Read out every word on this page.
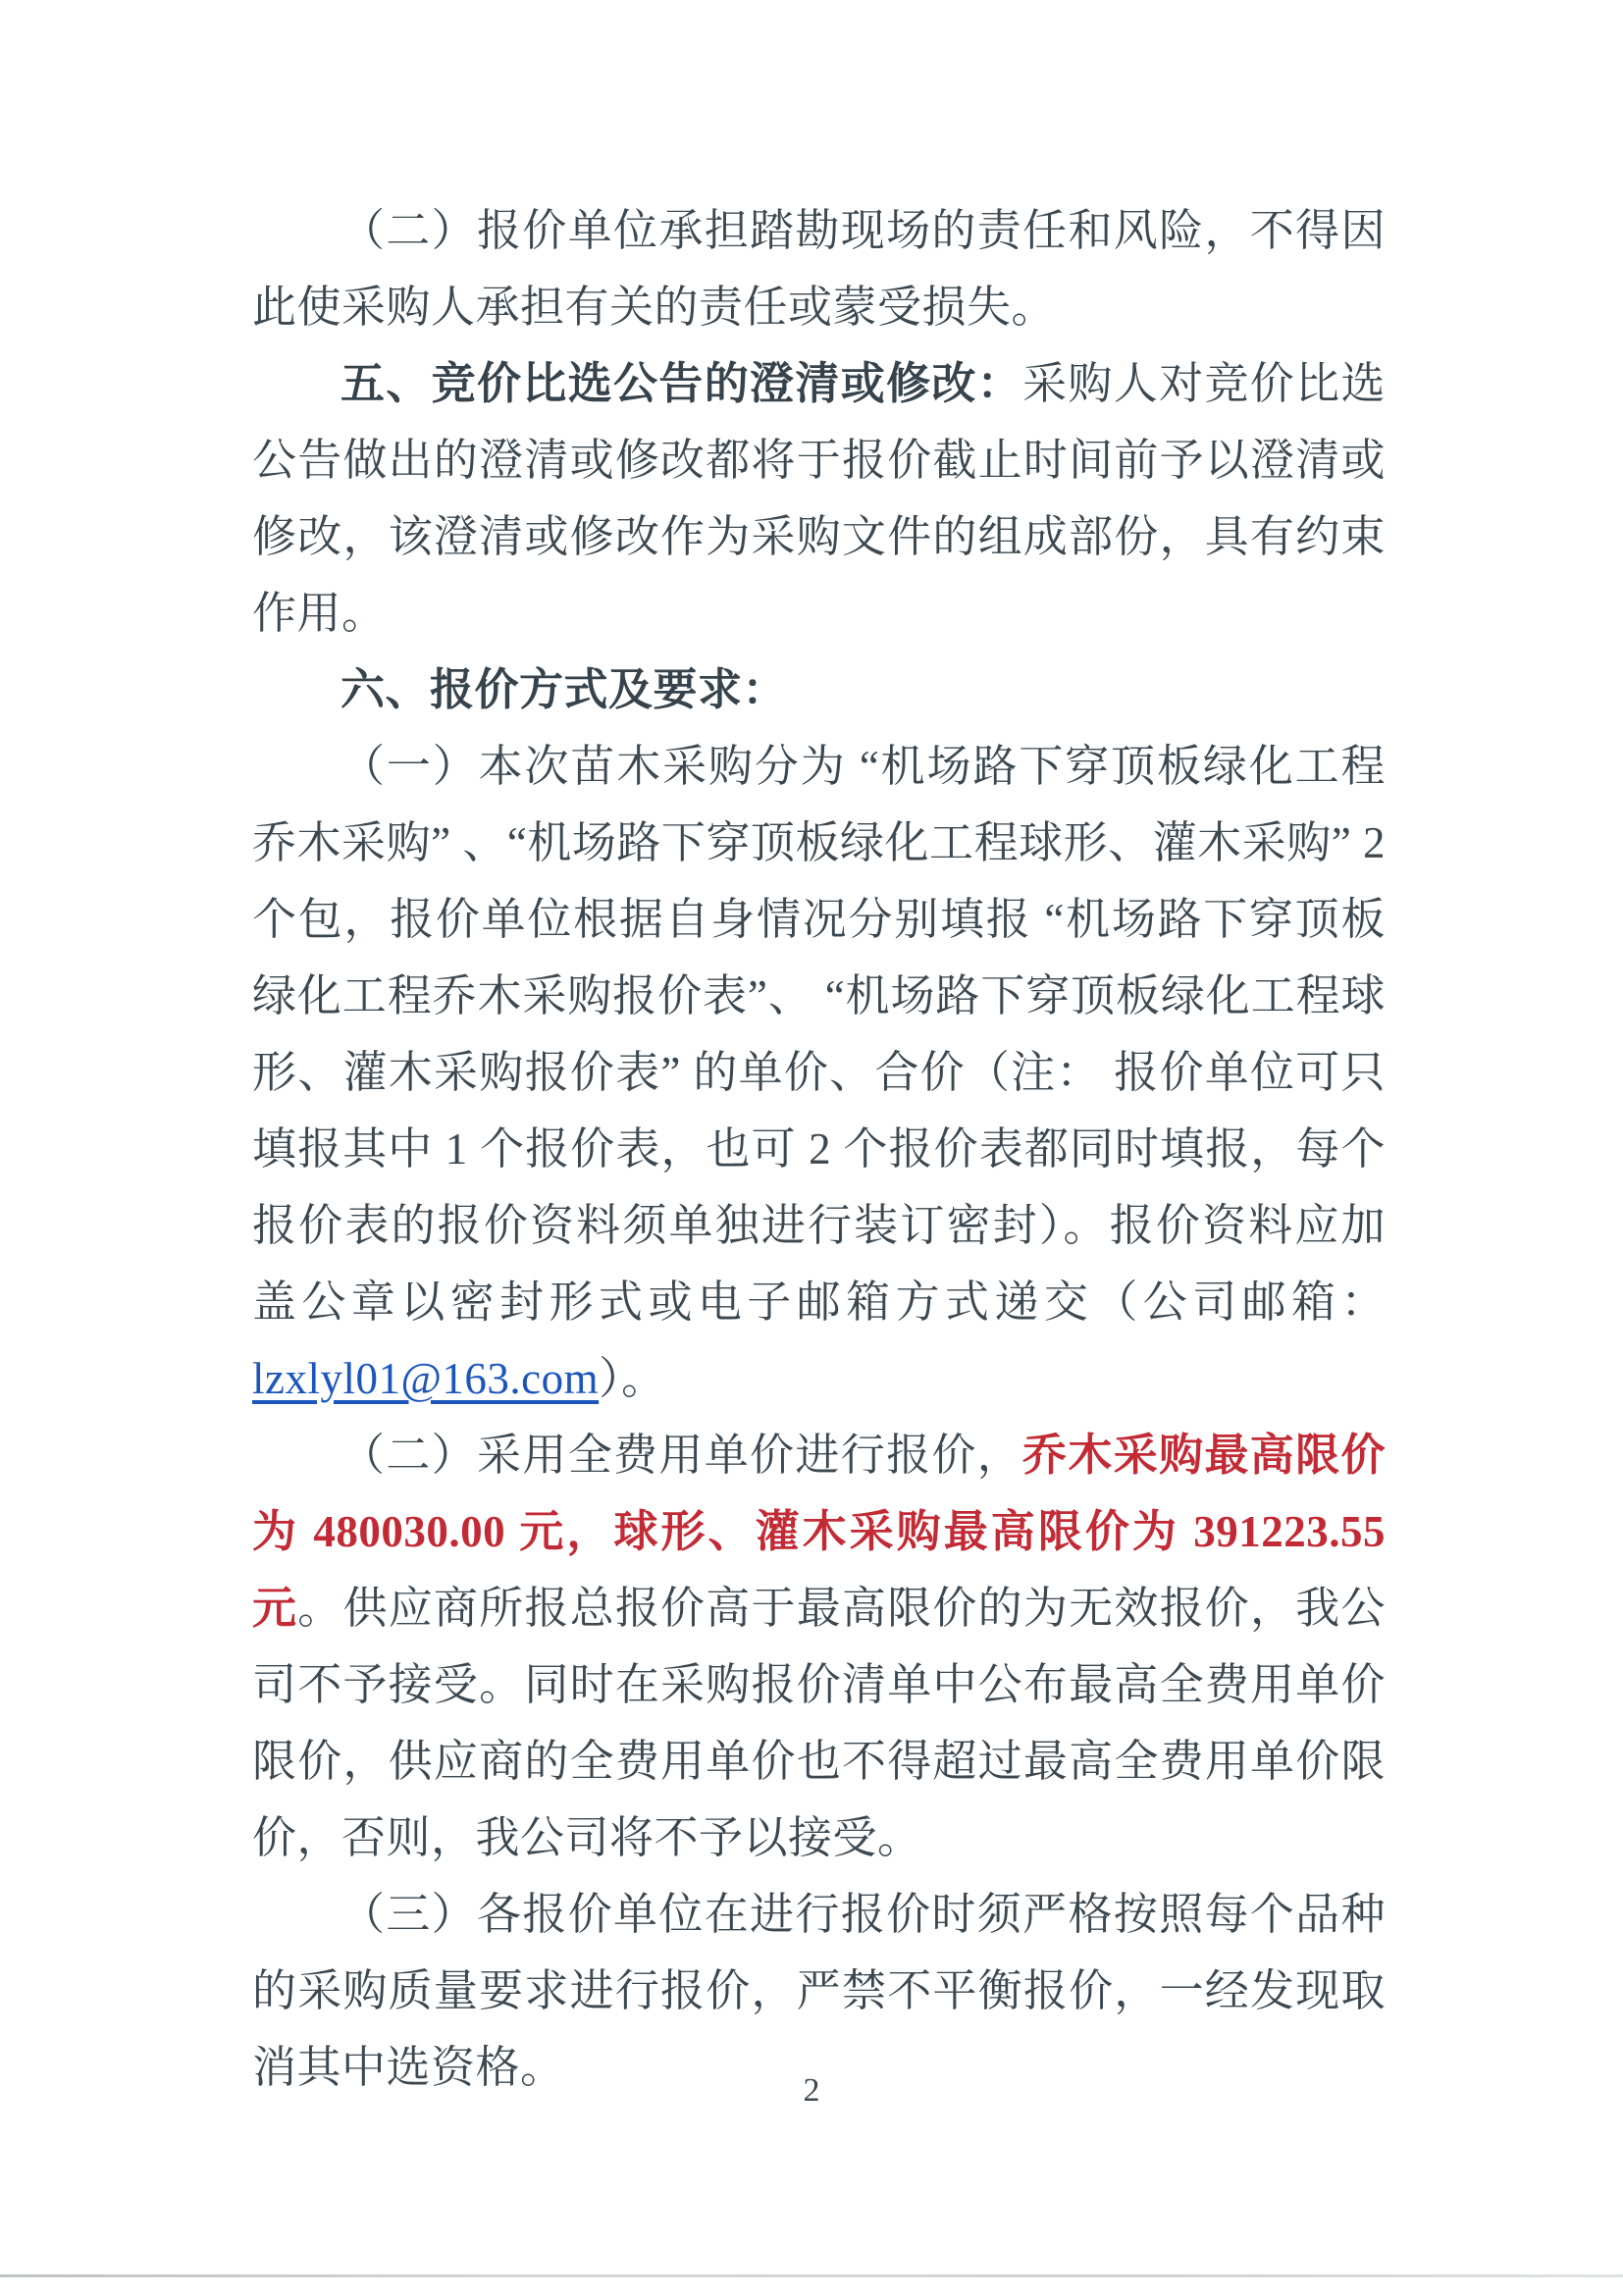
（二）报价单位承担踏勘现场的责任和风险，不得因此使采购人承担有关的责任或蒙受损失。

五、竞价比选公告的澄清或修改：采购人对竞价比选公告做出的澄清或修改都将于报价截止时间前予以澄清或修改，该澄清或修改作为采购文件的组成部份，具有约束作用。

六、报价方式及要求：

（一）本次苗木采购分为 “机场路下穿顶板绿化工程乔木采购” 、“机场路下穿顶板绿化工程球形、灌木采购” 2 个包，报价单位根据自身情况分别填报 “机场路下穿顶板绿化工程乔木采购报价表”、 “机场路下穿顶板绿化工程球形、灌木采购报价表” 的单价、合价（注： 报价单位可只填报其中 1 个报价表，也可 2 个报价表都同时填报，每个报价表的报价资料须单独进行装订密封）。报价资料应加盖公章以密封形式或电子邮箱方式递交（公司邮箱：lzxlyl01@163.com）。

（二）采用全费用单价进行报价，乔木采购最高限价为 480030.00 元，球形、灌木采购最高限价为 391223.55 元。供应商所报总报价高于最高限价的为无效报价，我公司不予接受。同时在采购报价清单中公布最高全费用单价限价，供应商的全费用单价也不得超过最高全费用单价限价，否则，我公司将不予以接受。

（三）各报价单位在进行报价时须严格按照每个品种的采购质量要求进行报价，严禁不平衡报价，一经发现取消其中选资格。	2
